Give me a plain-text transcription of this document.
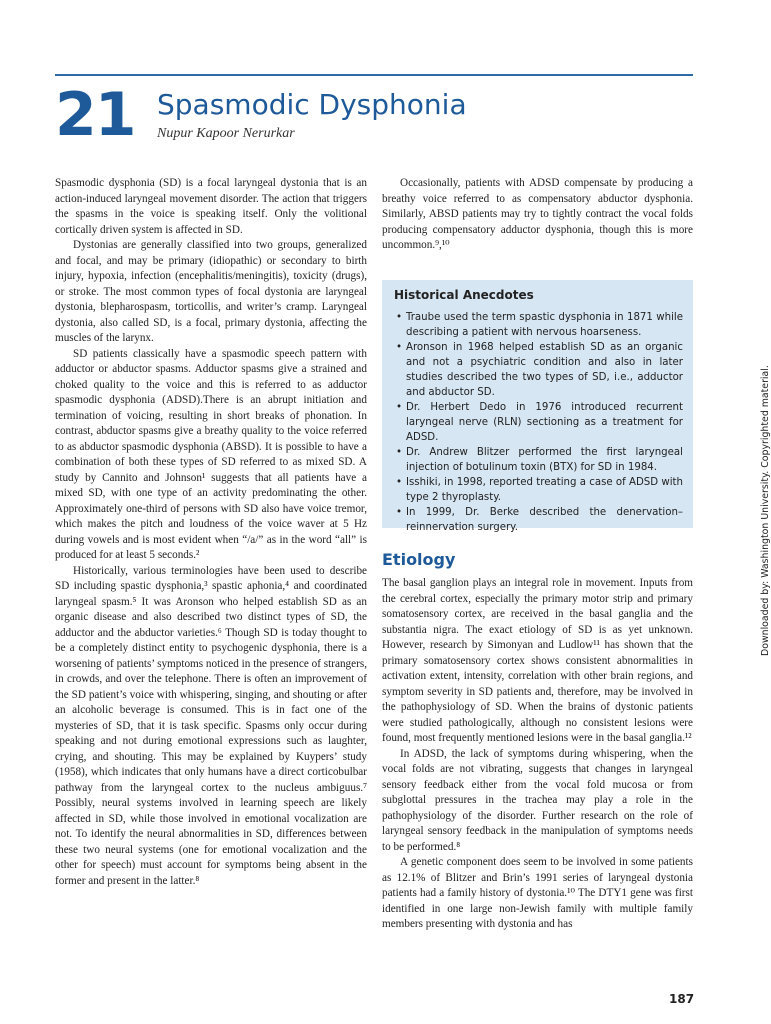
21 Spasmodic Dysphonia
Nupur Kapoor Nerurkar

Spasmodic dysphonia (SD) is a focal laryngeal dystonia that is an action-induced laryngeal movement disorder. The action that triggers the spasms in the voice is speaking itself. Only the volitional cortically driven system is affected in SD.

Dystonias are generally classified into two groups, generalized and focal, and may be primary (idiopathic) or secondary to birth injury, hypoxia, infection (encephalitis/meningitis), toxicity (drugs), or stroke. The most common types of focal dystonia are laryngeal dystonia, blepharospasm, torticollis, and writer’s cramp. Laryngeal dystonia, also called SD, is a focal, primary dystonia, affecting the muscles of the larynx.

SD patients classically have a spasmodic speech pattern with adductor or abductor spasms. Adductor spasms give a strained and choked quality to the voice and this is referred to as adductor spasmodic dysphonia (ADSD).There is an abrupt initiation and termination of voicing, resulting in short breaks of phonation. In contrast, abductor spasms give a breathy quality to the voice referred to as abductor spasmodic dysphonia (ABSD). It is possible to have a combination of both these types of SD referred to as mixed SD. A study by Cannito and Johnson¹ suggests that all patients have a mixed SD, with one type of an activity predominating the other. Approximately one-third of persons with SD also have voice tremor, which makes the pitch and loudness of the voice waver at 5 Hz during vowels and is most evident when “/a/” as in the word “all” is produced for at least 5 seconds.²

Historically, various terminologies have been used to describe SD including spastic dysphonia,³ spastic aphonia,⁴ and coordinated laryngeal spasm.⁵ It was Aronson who helped establish SD as an organic disease and also described two distinct types of SD, the adductor and the abductor varieties.⁶ Though SD is today thought to be a completely distinct entity to psychogenic dysphonia, there is a worsening of patients’ symptoms noticed in the presence of strangers, in crowds, and over the telephone. There is often an improvement of the SD patient’s voice with whispering, singing, and shouting or after an alcoholic beverage is consumed. This is in fact one of the mysteries of SD, that it is task specific. Spasms only occur during speaking and not during emotional expressions such as laughter, crying, and shouting. This may be explained by Kuypers’ study (1958), which indicates that only humans have a direct corticobulbar pathway from the laryngeal cortex to the nucleus ambiguus.⁷ Possibly, neural systems involved in learning speech are likely affected in SD, while those involved in emotional vocalization are not. To identify the neural abnormalities in SD, differences between these two neural systems (one for emotional vocalization and the other for speech) must account for symptoms being absent in the former and present in the latter.⁸

Occasionally, patients with ADSD compensate by producing a breathy voice referred to as compensatory abductor dysphonia. Similarly, ABSD patients may try to tightly contract the vocal folds producing compensatory adductor dysphonia, though this is more uncommon.⁹,¹⁰

Historical Anecdotes
• Traube used the term spastic dysphonia in 1871 while describing a patient with nervous hoarseness.
• Aronson in 1968 helped establish SD as an organic and not a psychiatric condition and also in later studies described the two types of SD, i.e., adductor and abductor SD.
• Dr. Herbert Dedo in 1976 introduced recurrent laryngeal nerve (RLN) sectioning as a treatment for ADSD.
• Dr. Andrew Blitzer performed the first laryngeal injection of botulinum toxin (BTX) for SD in 1984.
• Isshiki, in 1998, reported treating a case of ADSD with type 2 thyroplasty.
• In 1999, Dr. Berke described the denervation–reinnervation surgery.
Etiology

The basal ganglion plays an integral role in movement. Inputs from the cerebral cortex, especially the primary motor strip and primary somatosensory cortex, are received in the basal ganglia and the substantia nigra. The exact etiology of SD is as yet unknown. However, research by Simonyan and Ludlow¹¹ has shown that the primary somatosensory cortex shows consistent abnormalities in activation extent, intensity, correlation with other brain regions, and symptom severity in SD patients and, therefore, may be involved in the pathophysiology of SD. When the brains of dystonic patients were studied pathologically, although no consistent lesions were found, most frequently mentioned lesions were in the basal ganglia.¹²

In ADSD, the lack of symptoms during whispering, when the vocal folds are not vibrating, suggests that changes in laryngeal sensory feedback either from the vocal fold mucosa or from subglottal pressures in the trachea may play a role in the pathophysiology of the disorder. Further research on the role of laryngeal sensory feedback in the manipulation of symptoms needs to be performed.⁸

A genetic component does seem to be involved in some patients as 12.1% of Blitzer and Brin’s 1991 series of laryngeal dystonia patients had a family history of dystonia.¹⁰ The DTY1 gene was first identified in one large non-Jewish family with multiple family members presenting with dystonia and has

Downloaded by: Washington University. Copyrighted material.
187
